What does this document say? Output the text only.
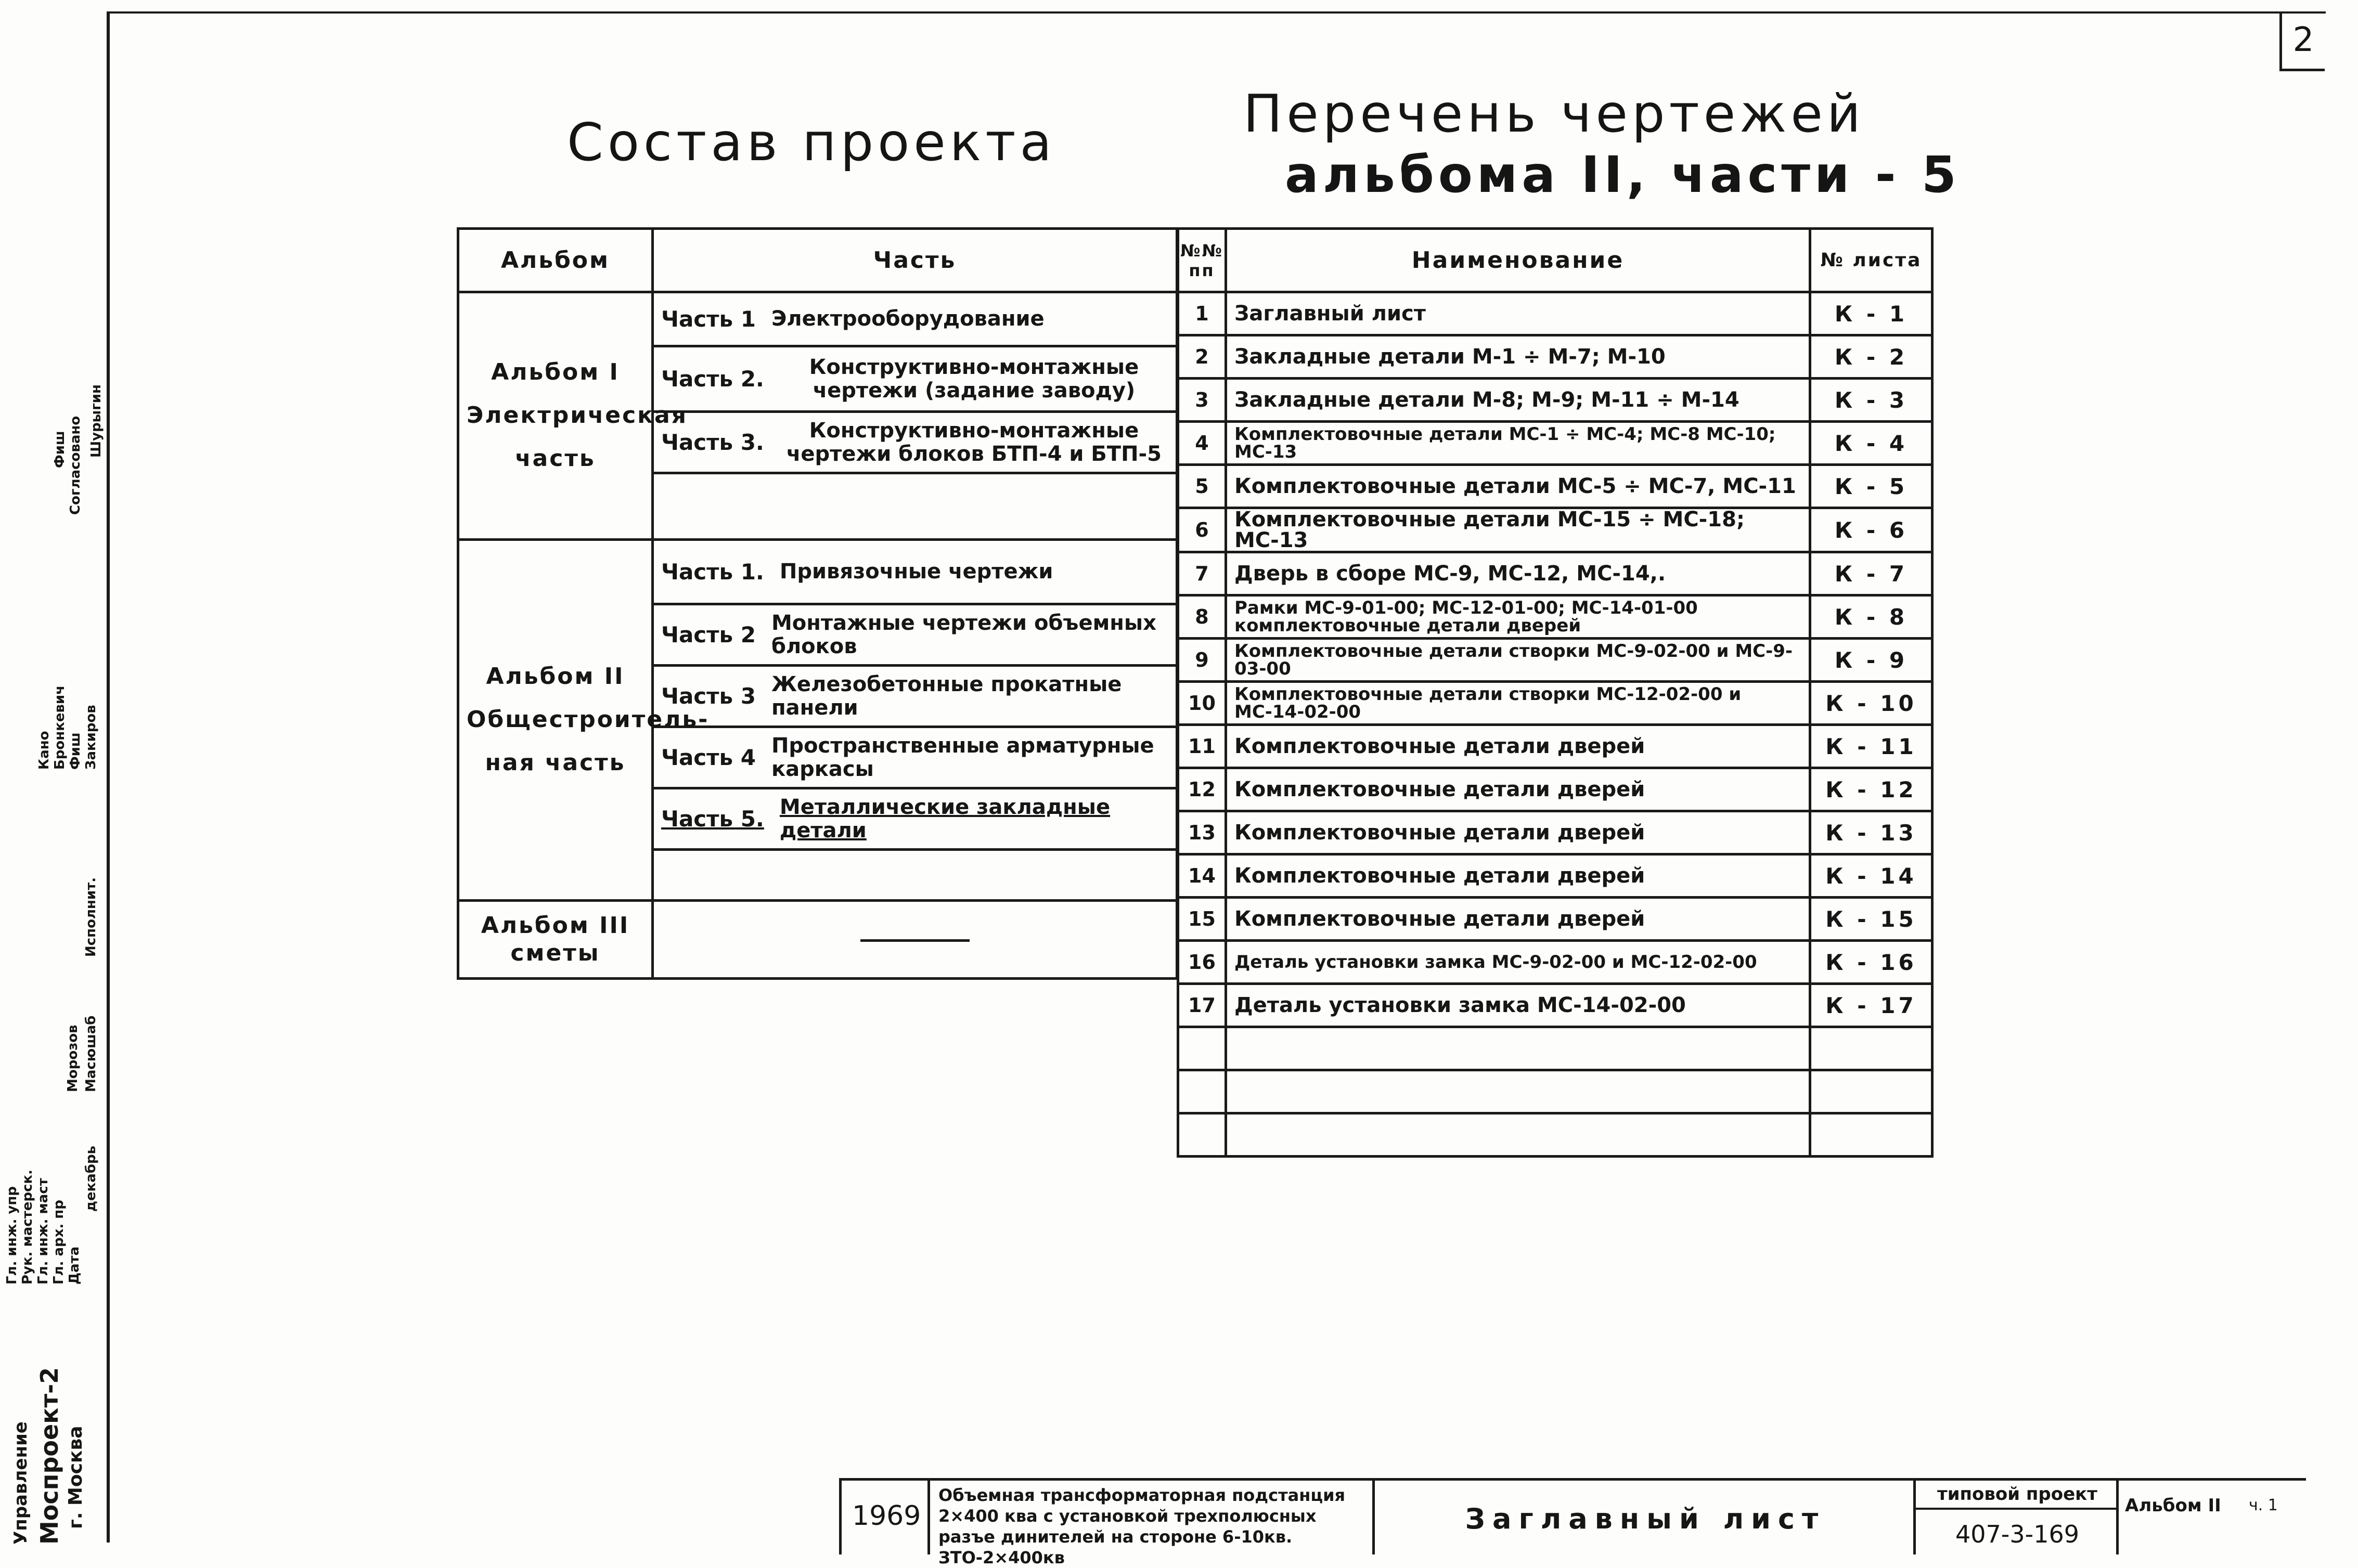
2
Состав проекта	Перечень чертежей
альбома II, части - 5
Альбом	Часть

Альбом I
Электрическая
часть	Часть 1 Электрооборудование

	Часть 2. Конструктивно-монтажные чертежи (задание заводу)

	Часть 3. Конструктивно-монтажные чертежи блоков БТП-4 и БТП-5

Альбом II
Общестроитель-
ная часть	Часть 1. Привязочные чертежи

	Часть 2 Монтажные чертежи объемных блоков

	Часть 3 Железобетонные прокатные панели

	Часть 4 Пространственные арматурные каркасы

	Часть 5. Металлические закладные детали

Альбом III
сметы	

№№ пп	Наименование	№ листа
1	Заглавный лист	К - 1
2	Закладные детали М-1 ÷ М-7; М-10	К - 2
3	Закладные детали М-8; М-9; М-11 ÷ М-14	К - 3
4	Комплектовочные детали МС-1 ÷ МС-4; МС-8 МС-10; МС-13	К - 4
5	Комплектовочные детали МС-5 ÷ МС-7, МС-11	К - 5
6	Комплектовочные детали МС-15 ÷ МС-18; МС-13	К - 6
7	Дверь в сборе МС-9, МС-12, МС-14,.	К - 7
8	Рамки МС-9-01-00; МС-12-01-00; МС-14-01-00 комплектовочные детали дверей	К - 8
9	Комплектовочные детали створки МС-9-02-00 и МС-9-03-00	К - 9
10	Комплектовочные детали створки МС-12-02-00 и МС-14-02-00	К - 10
11	Комплектовочные детали дверей	К - 11
12	Комплектовочные детали дверей	К - 12
13	Комплектовочные детали дверей	К - 13
14	Комплектовочные детали дверей	К - 14
15	Комплектовочные детали дверей	К - 15
16	Деталь установки замка МС-9-02-00 и МС-12-02-00	К - 16
17	Деталь установки замка МС-14-02-00	К - 17

1969
Объемная трансформаторная подстанция 2×400 ква с установкой трехполюсных разъе динителей на стороне 6-10кв. ЗТО-2×400кв
Заглавный лист
типовой проект
407-3-169
Альбом II ч. 1
Управление Моспроект-2 г. Москва
Гл. инж. упр Рук. мастерск. Гл. инж. маст Гл. арх. пр Дата
декабрь
Морозов Масюшаб
Исполнит.
Закиров
Фиш
Бронкевич
Кано
Согласовано
Фиш Шурыгин
